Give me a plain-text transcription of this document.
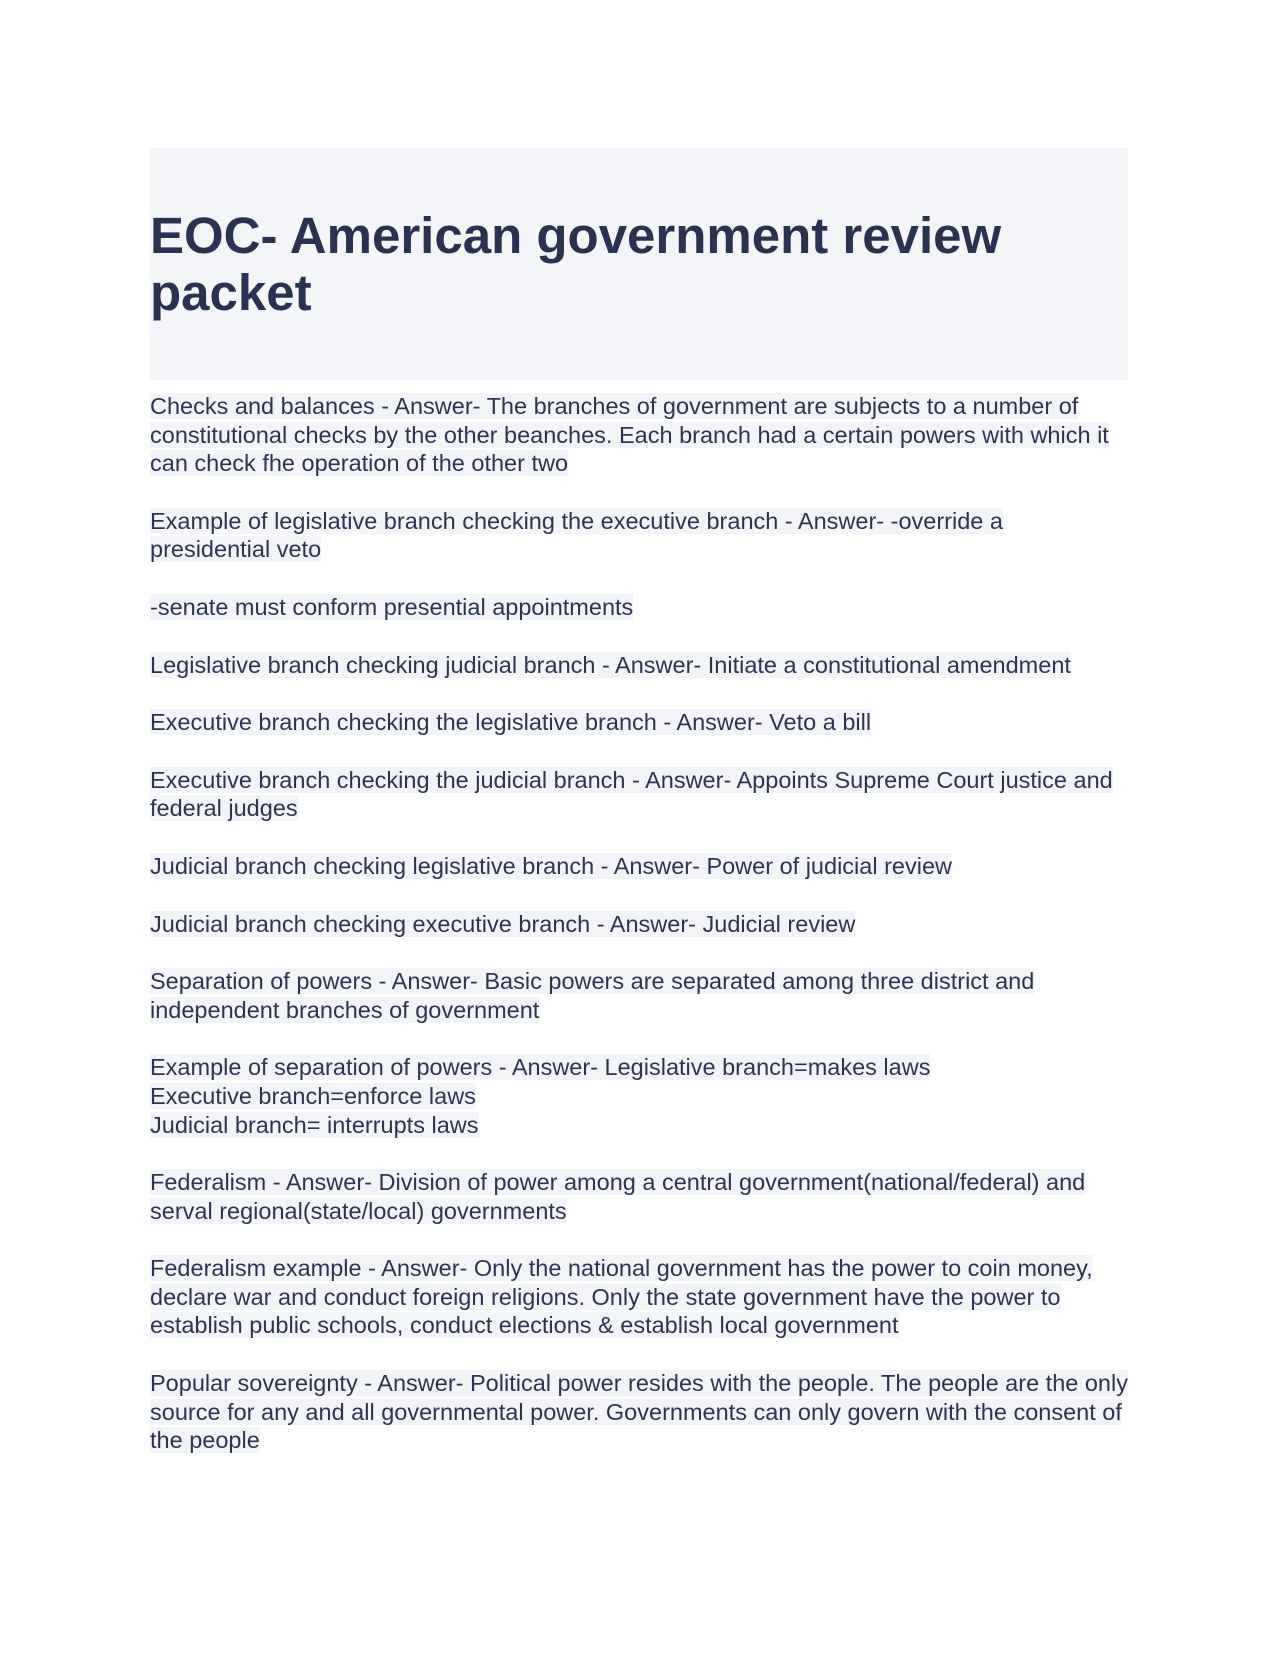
EOC- American government review packet

Checks and balances - Answer- The branches of government are subjects to a number of constitutional checks by the other beanches. Each branch had a certain powers with which it can check fhe operation of the other two

Example of legislative branch checking the executive branch - Answer- -override a presidential veto

-senate must conform presential appointments

Legislative branch checking judicial branch - Answer- Initiate a constitutional amendment

Executive branch checking the legislative branch - Answer- Veto a bill

Executive branch checking the judicial branch - Answer- Appoints Supreme Court justice and federal judges

Judicial branch checking legislative branch - Answer- Power of judicial review

Judicial branch checking executive branch - Answer- Judicial review

Separation of powers - Answer- Basic powers are separated among three district and independent branches of government

Example of separation of powers - Answer- Legislative branch=makes laws
Executive branch=enforce laws
Judicial branch= interrupts laws

Federalism - Answer- Division of power among a central government(national/federal) and serval regional(state/local) governments

Federalism example - Answer- Only the national government has the power to coin money, declare war and conduct foreign religions. Only the state government have the power to establish public schools, conduct elections & establish local government

Popular sovereignty - Answer- Political power resides with the people. The people are the only source for any and all governmental power. Governments can only govern with the consent of the people
